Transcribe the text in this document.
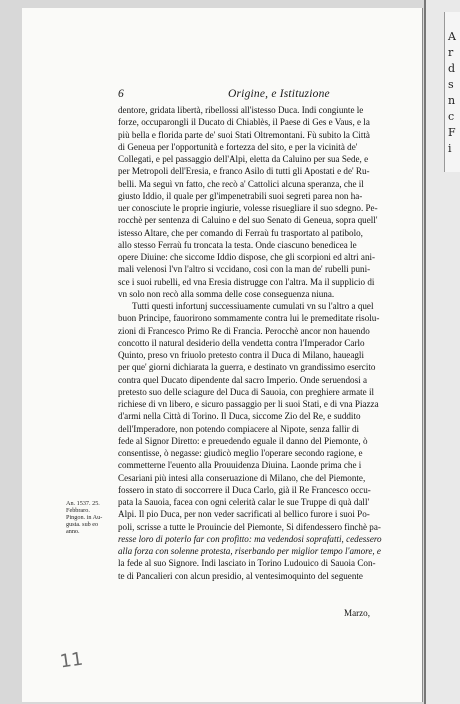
A
r
d
s
n
c
F
i
6	Origine, e Istituzione
dentore, gridata libertà, ribellossi all'istesso Duca. Indi congiunte le
forze, occuparongli il Ducato di Chiablès, il Paese di Ges e Vaus, e la
più bella e florida parte de' suoi Stati Oltremontani. Fù subito la Città
di Geneua per l'opportunità e fortezza del sito, e per la vicinità de'
Collegati, e pel passaggio dell'Alpi, eletta da Caluino per sua Sede, e
per Metropoli dell'Eresia, e franco Asilo di tutti gli Apostati e de' Ru-
belli. Ma seguì vn fatto, che recò a' Cattolici alcuna speranza, che il
giusto Iddio, il quale per gl'impenetrabili suoi segreti parea non ha-
uer conosciute le proprie ingiurie, volesse risuegliare il suo sdegno. Pe-
rocchè per sentenza di Caluino e del suo Senato di Geneua, sopra quell'
istesso Altare, che per comando di Ferraù fu trasportato al patibolo,
allo stesso Ferraù fu troncata la testa. Onde ciascuno benedicea le
opere Diuine: che siccome Iddio dispose, che gli scorpioni ed altri ani-
mali velenosi l'vn l'altro si vccidano, così con la man de' rubelli puni-
sce i suoi rubelli, ed vna Eresia distrugge con l'altra. Ma il supplicio di
vn solo non recò alla somma delle cose conseguenza niuna.
Tutti questi infortunj successiuamente cumulati vn su l'altro a quel
buon Principe, fauorirono sommamente contra lui le premeditate risolu-
zioni di Francesco Primo Re di Francia. Perocchè ancor non hauendo
concotto il natural desiderio della vendetta contra l'Imperador Carlo
Quinto, preso vn friuolo pretesto contra il Duca di Milano, haueagli
per que' giorni dichiarata la guerra, e destinato vn grandissimo esercito
contra quel Ducato dipendente dal sacro Imperio. Onde seruendosi a
pretesto suo delle sciagure del Duca di Sauoia, con preghiere armate il
richiese di vn libero, e sicuro passaggio per li suoi Stati, e di vna Piazza
d'armi nella Città di Torino. Il Duca, siccome Zio del Re, e suddito
dell'Imperadore, non potendo compiacere al Nipote, senza fallir di
fede al Signor Diretto: e preuedendo eguale il danno del Piemonte, ò
consentisse, ò negasse: giudicò meglio l'operare secondo ragione, e
commetterne l'euento alla Prouuidenza Diuina. Laonde prima che i
Cesariani più intesi alla conseruazione di Milano, che del Piemonte,
fossero in stato di soccorrere il Duca Carlo, già il Re Francesco occu-
pata la Sauoia, facea con ogni celerità calar le sue Truppe di quà dall'
Alpi. Il pio Duca, per non veder sacrificati al bellico furore i suoi Po-
poli, scrisse a tutte le Prouincie del Piemonte, Si difendessero finchè pa-
resse loro di poterlo far con profitto: ma vedendosi soprafatti, cedessero
alla forza con solenne protesta, riserbando per miglior tempo l'amore, e
la fede al suo Signore. Indi lasciato in Torino Ludouico di Sauoia Con-
te di Pancalieri con alcun presidio, al ventesimoquinto del seguente
An. 1537. 25.
Febbraro.
Pingon. in Au-
gusta. sub eo
anno.
Marzo,
11
